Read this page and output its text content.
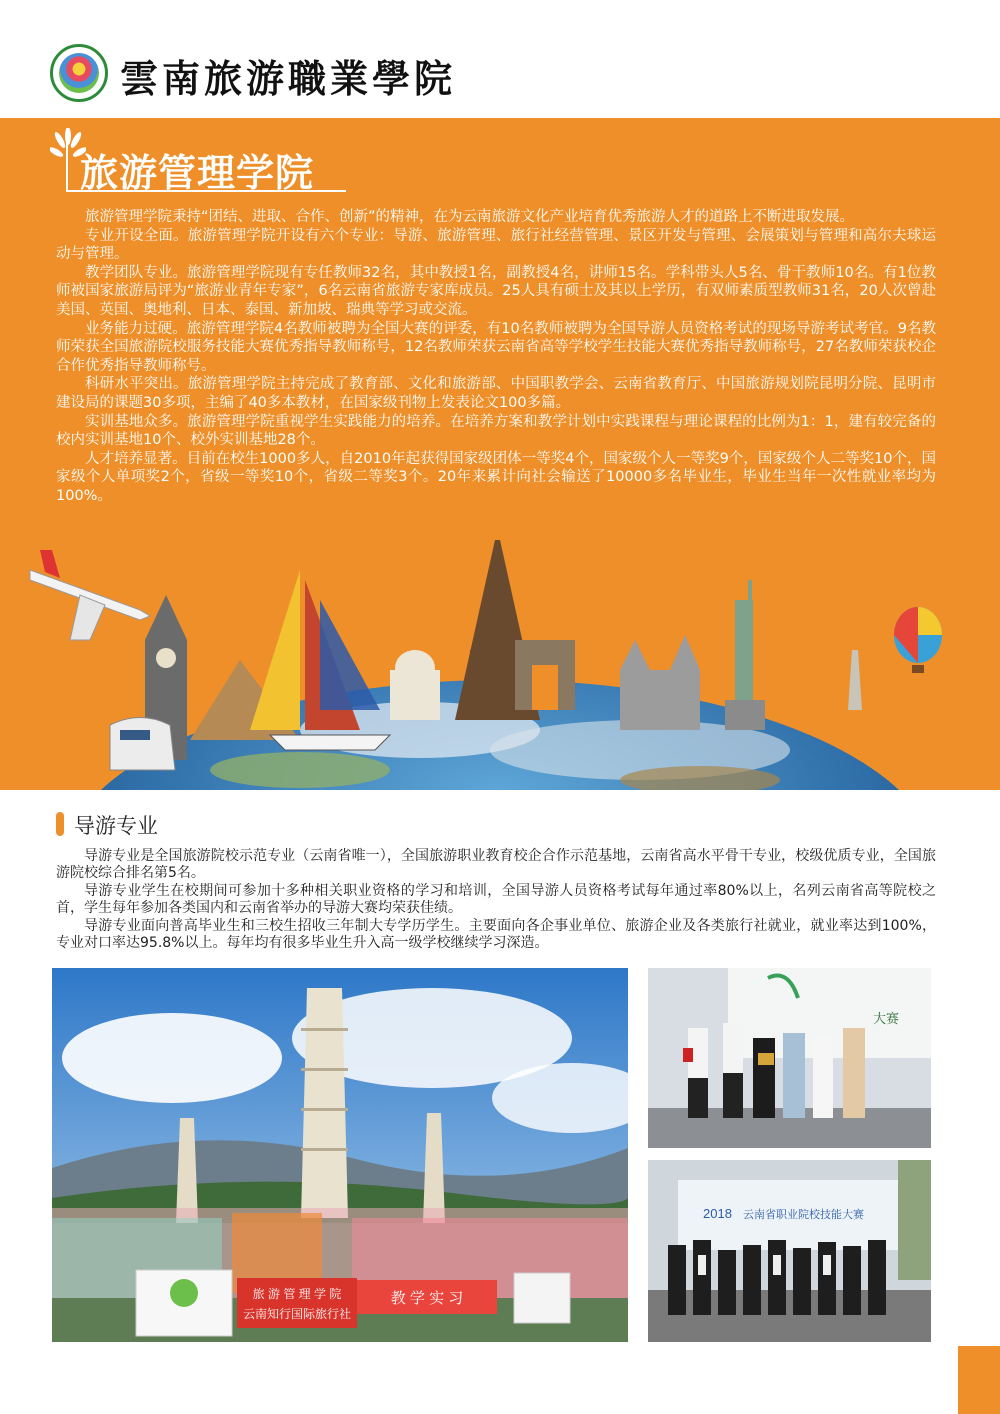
雲南旅游職業學院
旅游管理学院

旅游管理学院秉持“团结、进取、合作、创新”的精神，在为云南旅游文化产业培育优秀旅游人才的道路上不断进取发展。

专业开设全面。旅游管理学院开设有六个专业：导游、旅游管理、旅行社经营管理、景区开发与管理、会展策划与管理和高尔夫球运动与管理。

教学团队专业。旅游管理学院现有专任教师32名，其中教授1名，副教授4名，讲师15名。学科带头人5名、骨干教师10名。有1位教师被国家旅游局评为“旅游业青年专家”，6名云南省旅游专家库成员。25人具有硕士及其以上学历，有双师素质型教师31名，20人次曾赴美国、英国、奥地利、日本、泰国、新加坡、瑞典等学习或交流。

业务能力过硬。旅游管理学院4名教师被聘为全国大赛的评委，有10名教师被聘为全国导游人员资格考试的现场导游考试考官。9名教师荣获全国旅游院校服务技能大赛优秀指导教师称号，12名教师荣获云南省高等学校学生技能大赛优秀指导教师称号，27名教师荣获校企合作优秀指导教师称号。

科研水平突出。旅游管理学院主持完成了教育部、文化和旅游部、中国职教学会、云南省教育厅、中国旅游规划院昆明分院、昆明市建设局的课题30多项，主编了40多本教材，在国家级刊物上发表论文100多篇。

实训基地众多。旅游管理学院重视学生实践能力的培养。在培养方案和教学计划中实践课程与理论课程的比例为1：1，建有较完备的校内实训基地10个、校外实训基地28个。

人才培养显著。目前在校生1000多人，自2010年起获得国家级团体一等奖4个，国家级个人一等奖9个，国家级个人二等奖10个，国家级个人单项奖2个，省级一等奖10个，省级二等奖3个。20年来累计向社会输送了10000多名毕业生，毕业生当年一次性就业率均为100%。

导游专业

导游专业是全国旅游院校示范专业（云南省唯一），全国旅游职业教育校企合作示范基地，云南省高水平骨干专业，校级优质专业，全国旅游院校综合排名第5名。

导游专业学生在校期间可参加十多种相关职业资格的学习和培训，全国导游人员资格考试每年通过率80%以上，名列云南省高等院校之首，学生每年参加各类国内和云南省举办的导游大赛均荣获佳绩。

导游专业面向普高毕业生和三校生招收三年制大专学历学生。主要面向各企事业单位、旅游企业及各类旅行社就业，就业率达到100%，专业对口率达95.8%以上。每年均有很多毕业生升入高一级学校继续学习深造。

旅 游 管 理 学 院
云南知行国际旅行社
教 学 实 习
大赛
2018 云南省职业院校技能大赛
